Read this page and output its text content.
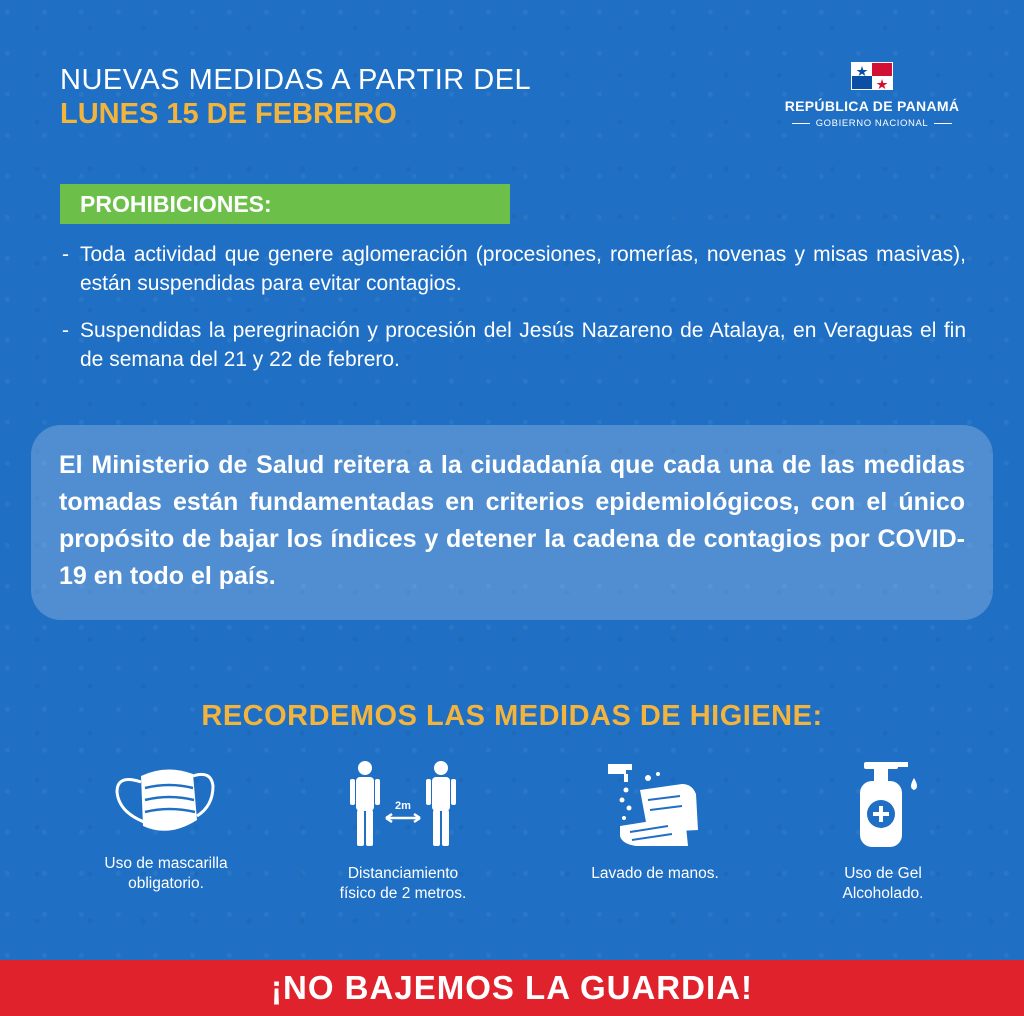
NUEVAS MEDIDAS A PARTIR DEL
LUNES 15 DE FEBRERO	REPÚBLICA DE PANAMÁ
GOBIERNO NACIONAL
PROHIBICIONES:
- Toda actividad que genere aglomeración (procesiones, romerías, novenas y misas masivas), están suspendidas para evitar contagios.
- Suspendidas la peregrinación y procesión del Jesús Nazareno de Atalaya, en Veraguas el fin de semana del 21 y 22 de febrero.

El Ministerio de Salud reitera a la ciudadanía que cada una de las medidas tomadas están fundamentadas en criterios epidemiológicos, con el único propósito de bajar los índices y detener la cadena de contagios por COVID-19 en todo el país.

RECORDEMOS LAS MEDIDAS DE HIGIENE:
Uso de mascarilla
obligatorio.
2m
Distanciamiento
físico de 2 metros.
Lavado de manos.	Uso de Gel
Alcoholado.
¡NO BAJEMOS LA GUARDIA!
